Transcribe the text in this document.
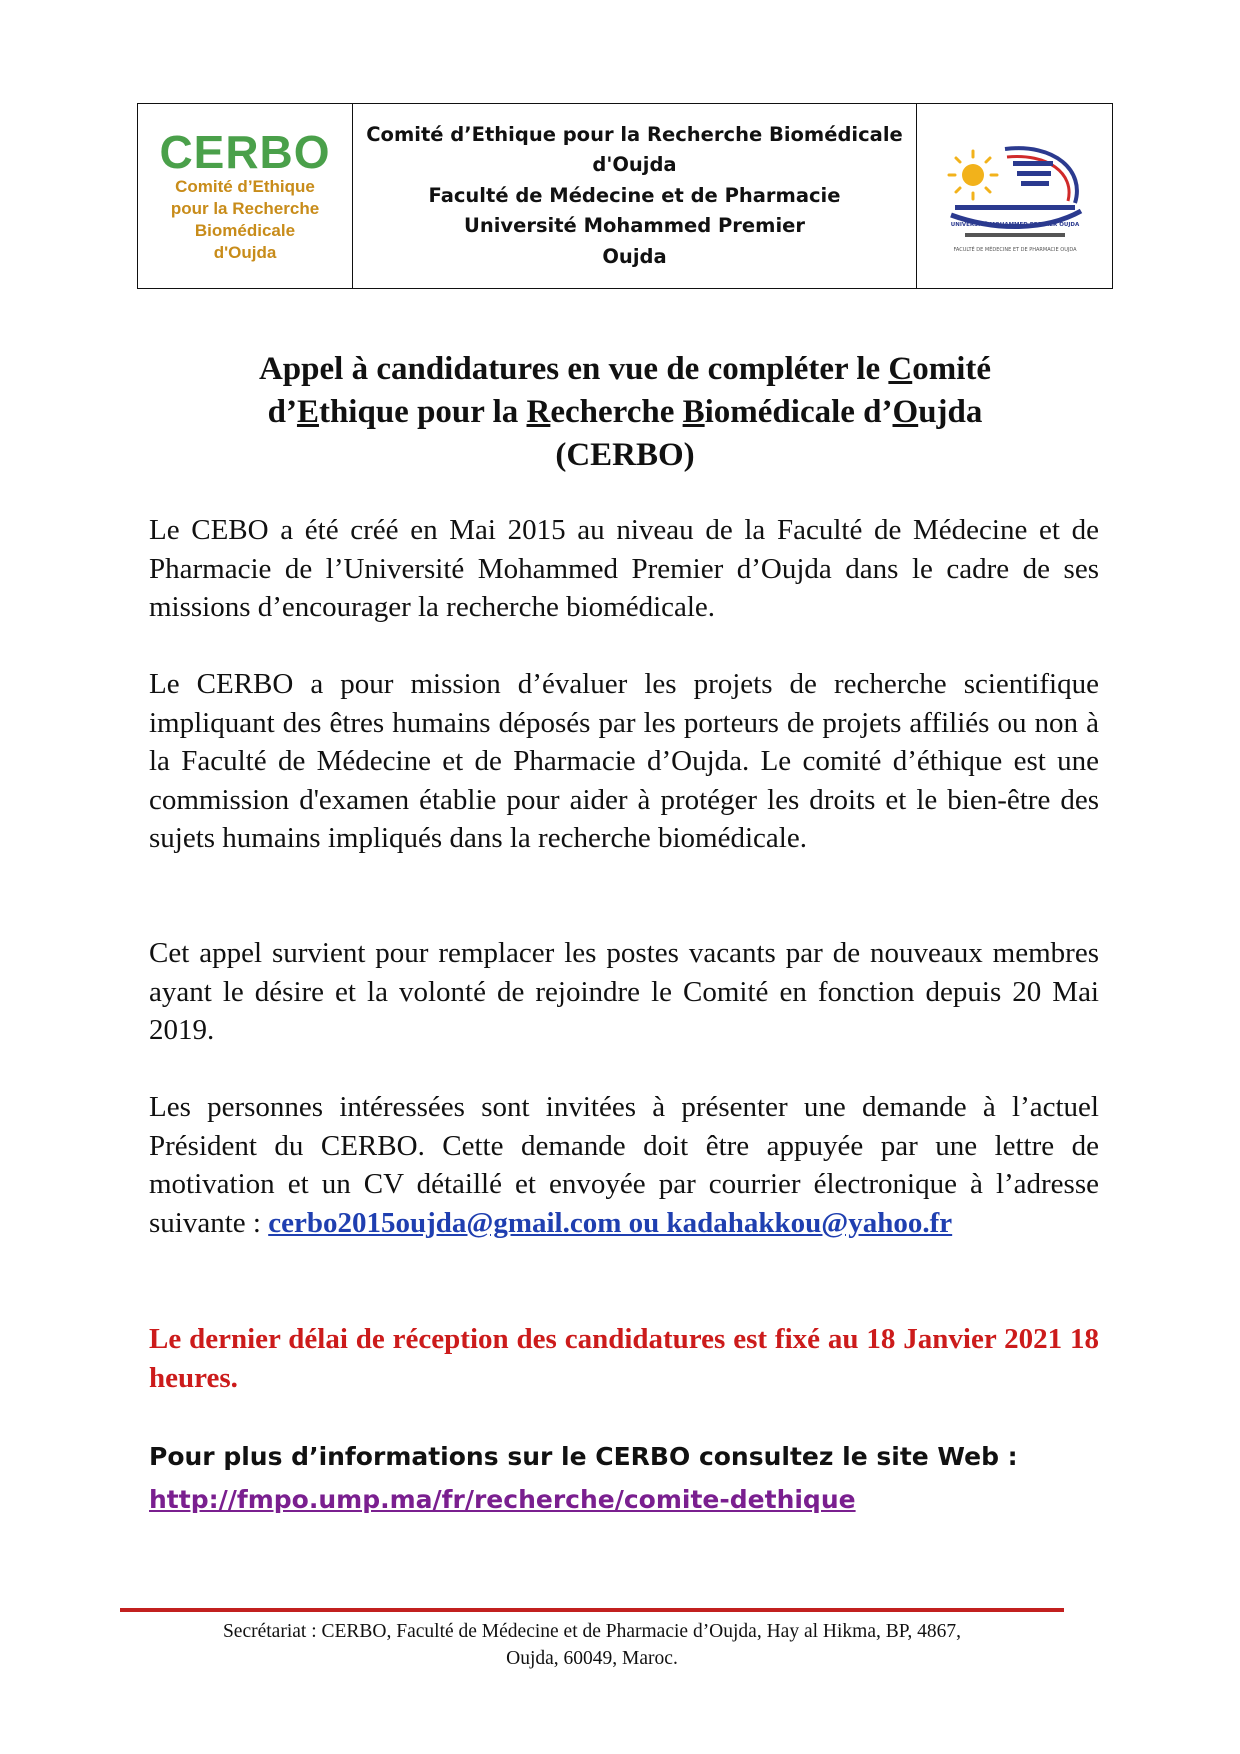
CERBO
Comité d’Ethique
pour la Recherche
Biomédicale
d'Oujda
Comité d’Ethique pour la Recherche Biomédicale
d'Oujda
Faculté de Médecine et de Pharmacie
Université Mohammed Premier
Oujda
UNIVERSITÉ MOHAMMED PREMIER OUJDA
FACULTÉ DE MÉDECINE ET DE PHARMACIE OUJDA
Appel à candidatures en vue de compléter le Comité
d’Ethique pour la Recherche Biomédicale d’Oujda
(CERBO)

Le CEBO a été créé en Mai 2015 au niveau de la Faculté de Médecine et de Pharmacie de l’Université Mohammed Premier d’Oujda dans le cadre de ses missions d’encourager la recherche biomédicale.

Le CERBO a pour mission d’évaluer les projets de recherche scientifique impliquant des êtres humains déposés par les porteurs de projets affiliés ou non à la Faculté de Médecine et de Pharmacie d’Oujda. Le comité d’éthique est une commission d'examen établie pour aider à protéger les droits et le bien-être des sujets humains impliqués dans la recherche biomédicale.

Cet appel survient pour remplacer les postes vacants par de nouveaux membres ayant le désire et la volonté de rejoindre le Comité en fonction depuis 20 Mai 2019.

Les personnes intéressées sont invitées à présenter une demande à l’actuel Président du CERBO. Cette demande doit être appuyée par une lettre de motivation et un CV détaillé et envoyée par courrier électronique à l’adresse suivante : cerbo2015oujda@gmail.com ou kadahakkou@yahoo.fr

Le dernier délai de réception des candidatures est fixé au 18 Janvier 2021 18 heures.

Pour plus d’informations sur le CERBO consultez le site Web :
http://fmpo.ump.ma/fr/recherche/comite-dethique
Secrétariat : CERBO, Faculté de Médecine et de Pharmacie d’Oujda, Hay al Hikma, BP, 4867,
Oujda, 60049, Maroc.
